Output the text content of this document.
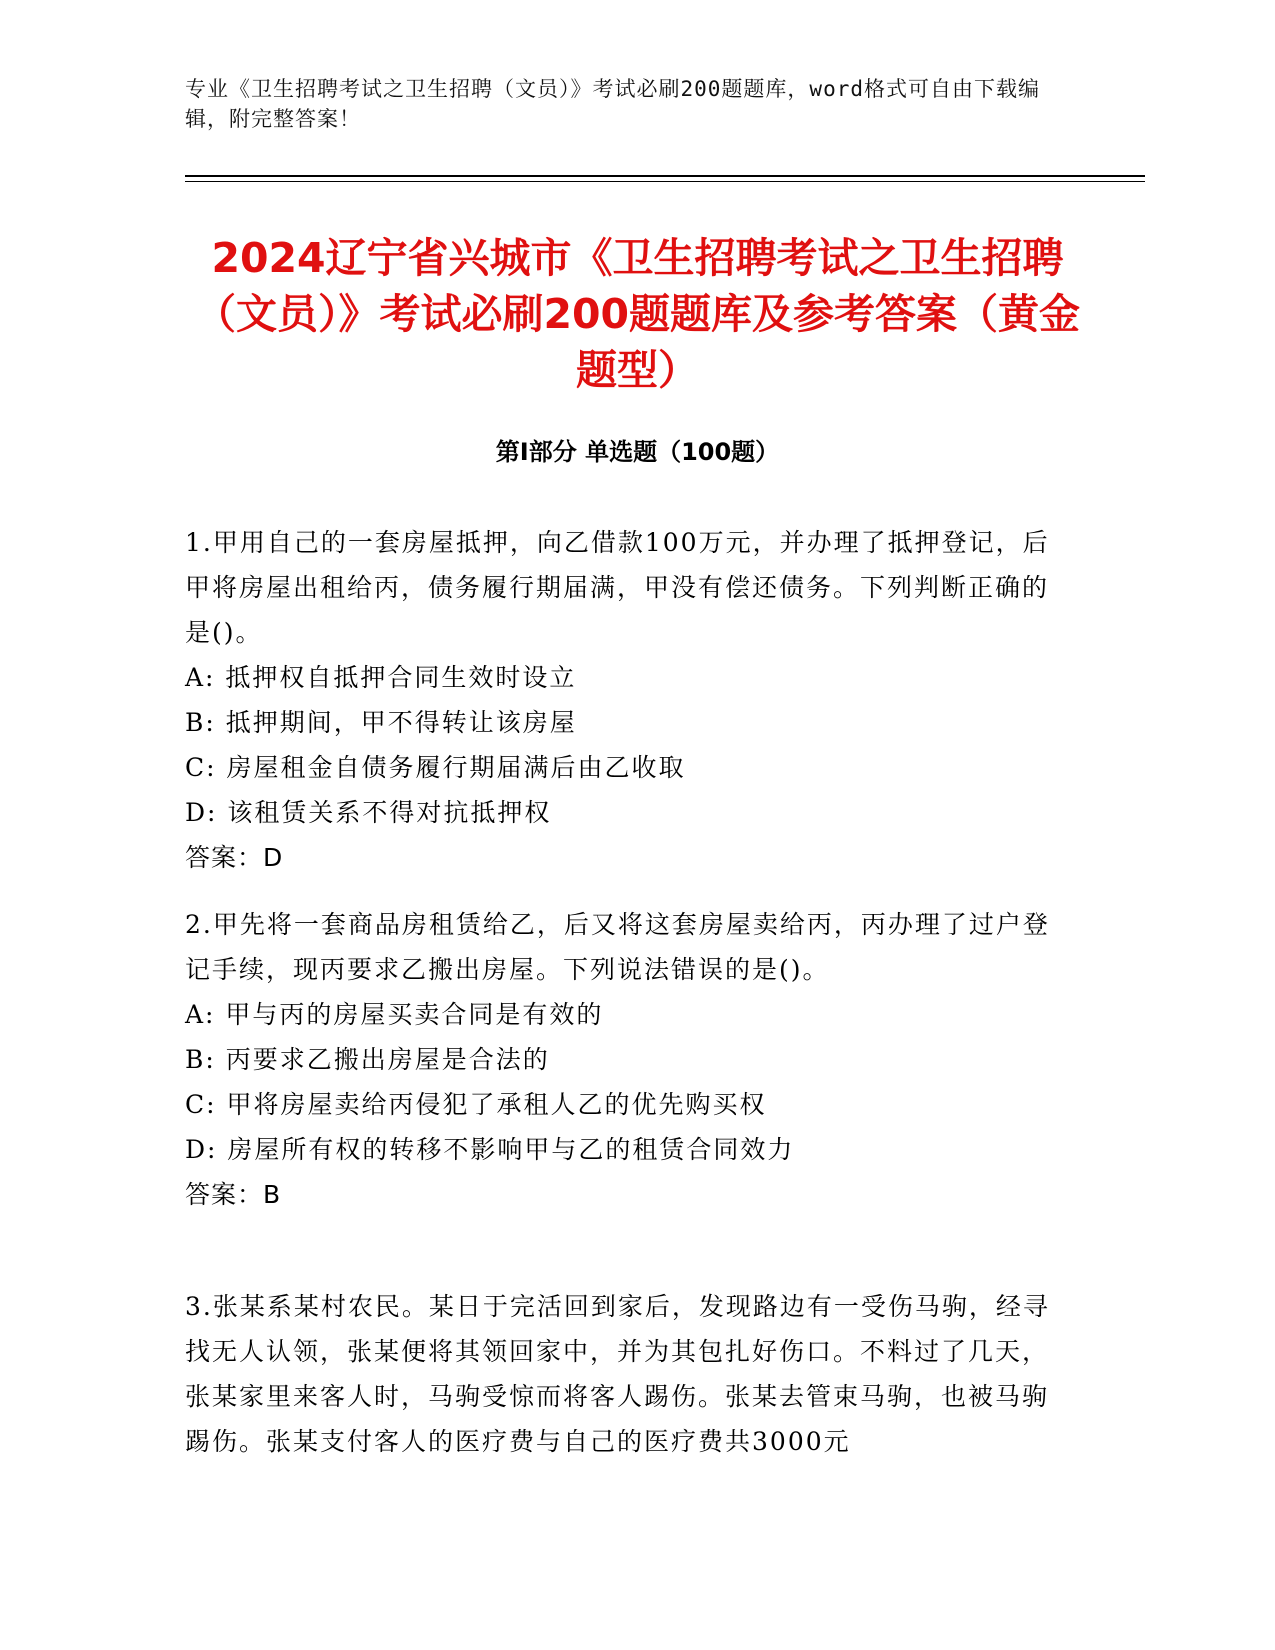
专业《卫生招聘考试之卫生招聘（文员）》考试必刷200题题库，word格式可自由下载编辑，附完整答案！
2024辽宁省兴城市《卫生招聘考试之卫生招聘（文员）》考试必刷200题题库及参考答案（黄金题型）
第Ⅰ部分 单选题（100题）

1.甲用自己的一套房屋抵押，向乙借款100万元，并办理了抵押登记，后甲将房屋出租给丙，债务履行期届满，甲没有偿还债务。下列判断正确的是()。

A: 抵押权自抵押合同生效时设立

B: 抵押期间，甲不得转让该房屋

C: 房屋租金自债务履行期届满后由乙收取

D: 该租赁关系不得对抗抵押权

答案：D

2.甲先将一套商品房租赁给乙，后又将这套房屋卖给丙，丙办理了过户登记手续，现丙要求乙搬出房屋。下列说法错误的是()。

A: 甲与丙的房屋买卖合同是有效的

B: 丙要求乙搬出房屋是合法的

C: 甲将房屋卖给丙侵犯了承租人乙的优先购买权

D: 房屋所有权的转移不影响甲与乙的租赁合同效力

答案：B

3.张某系某村农民。某日于完活回到家后，发现路边有一受伤马驹，经寻找无人认领，张某便将其领回家中，并为其包扎好伤口。不料过了几天，张某家里来客人时，马驹受惊而将客人踢伤。张某去管束马驹，也被马驹踢伤。张某支付客人的医疗费与自己的医疗费共3000元
